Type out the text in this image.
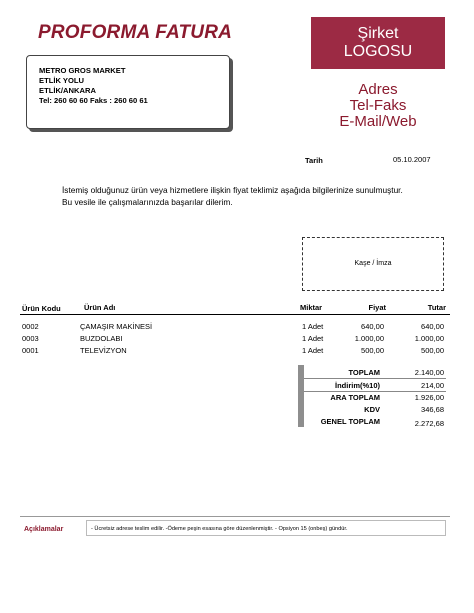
PROFORMA FATURA
METRO GROS MARKET
ETLİK YOLU
ETLİK/ANKARA
Tel: 260 60 60 Faks : 260 60 61
Şirket
LOGOSU
Adres
Tel-Faks
E-Mail/Web
Tarih	05.10.2007
İstemiş olduğunuz ürün veya hizmetlere ilişkin fiyat teklimiz aşağıda bilgilerinize sunulmuştur.
Bu vesile ile çalışmalarınızda başarılar dilerim.
Kaşe / İmza
Ürün Kodu	Ürün Adı	Miktar	Fiyat	Tutar
0002	ÇAMAŞIR MAKİNESİ	1 Adet	640,00	640,00
0003	BUZDOLABI	1 Adet	1.000,00	1.000,00
0001	TELEVİZYON	1 Adet	500,00	500,00
TOPLAM	2.140,00
İndirim(%10)	214,00
ARA TOPLAM	1.926,00
KDV	346,68
GENEL TOPLAM	2.272,68
Açıklamalar	- Ücretsiz adrese teslim edilir. -Ödeme peşin esasına göre düzenlenmiştir. - Opsiyon 15 (onbeş) gündür.
